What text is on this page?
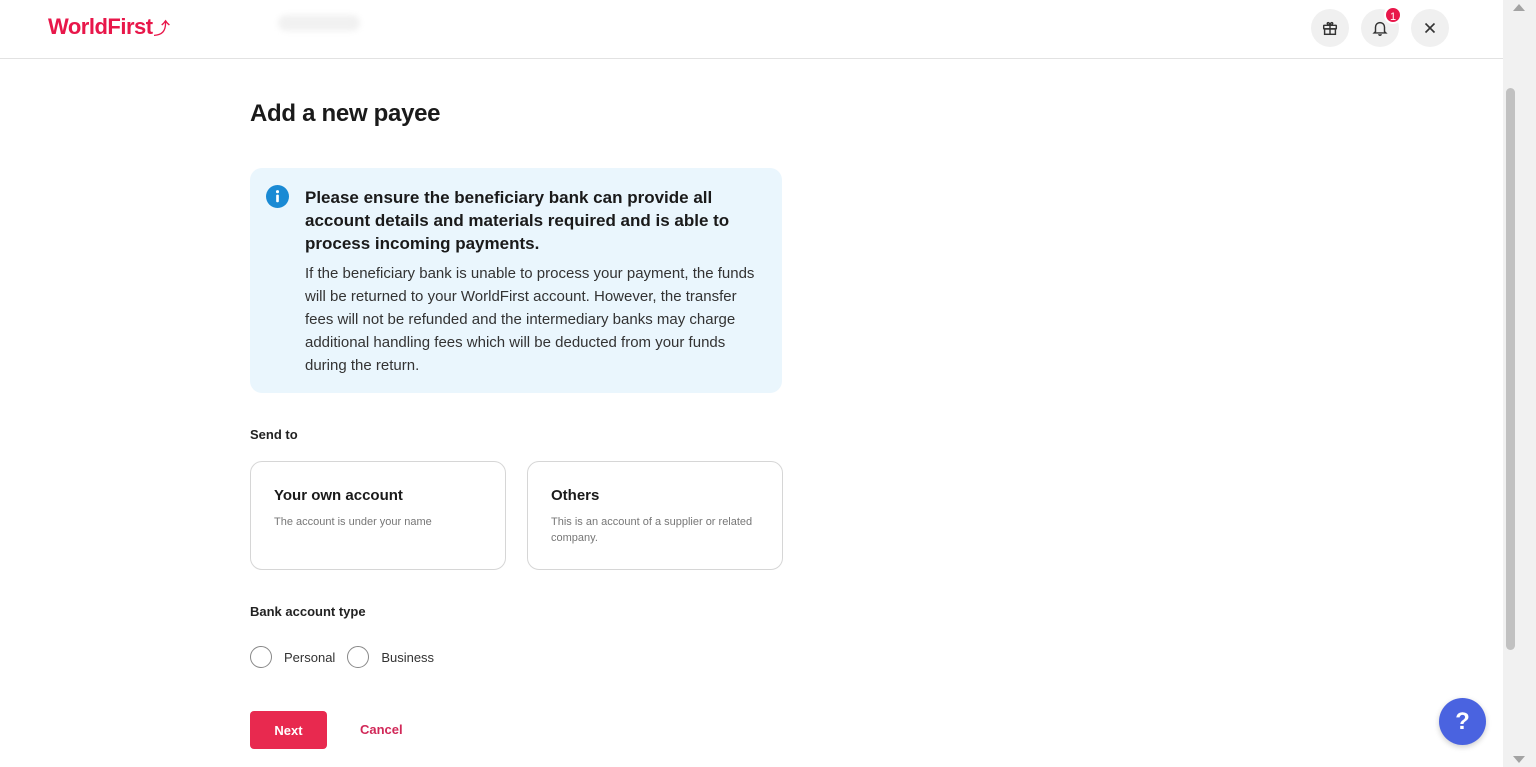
WorldFirst⤴
1
Add a new payee
Please ensure the beneficiary bank can provide all account details and materials required and is able to process incoming payments.
If the beneficiary bank is unable to process your payment, the funds will be returned to your WorldFirst account. However, the transfer fees will not be refunded and the intermediary banks may charge additional handling fees which will be deducted from your funds during the return.
Send to
Your own account
The account is under your name
Others
This is an account of a supplier or related company.
Bank account type
Personal	Business
Next	Cancel	?
